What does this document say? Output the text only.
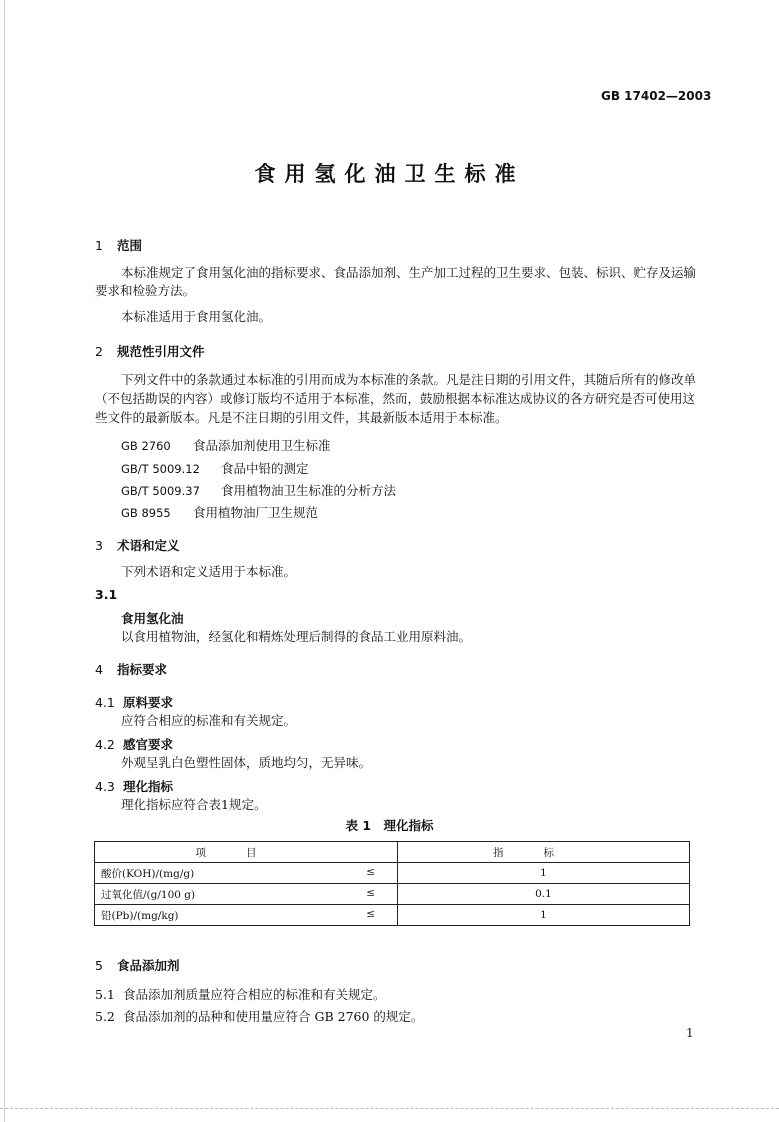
GB 17402—2003
食用氢化油卫生标准
1 范围
本标准规定了食用氢化油的指标要求、食品添加剂、生产加工过程的卫生要求、包装、标识、贮存及运输要求和检验方法。
本标准适用于食用氢化油。
2 规范性引用文件
下列文件中的条款通过本标准的引用而成为本标准的条款。凡是注日期的引用文件，其随后所有的修改单（不包括勘误的内容）或修订版均不适用于本标准，然而，鼓励根据本标准达成协议的各方研究是否可使用这些文件的最新版本。凡是不注日期的引用文件，其最新版本适用于本标准。
GB 2760 食品添加剂使用卫生标准
GB/T 5009.12 食品中铅的测定
GB/T 5009.37 食用植物油卫生标准的分析方法
GB 8955 食用植物油厂卫生规范
3 术语和定义
下列术语和定义适用于本标准。
3.1
食用氢化油
以食用植物油，经氢化和精炼处理后制得的食品工业用原料油。
4 指标要求
4.1 原料要求
应符合相应的标准和有关规定。
4.2 感官要求
外观呈乳白色塑性固体，质地均匀，无异味。
4.3 理化指标
理化指标应符合表1规定。
表 1　理化指标
项目	指标
酸价(KOH)/(mg/g) ≤	1
过氧化值/(g/100 g) ≤	0.1
铅(Pb)/(mg/kg) ≤	1
5 食品添加剂
5.1 食品添加剂质量应符合相应的标准和有关规定。
5.2 食品添加剂的品种和使用量应符合 GB 2760 的规定。
1
